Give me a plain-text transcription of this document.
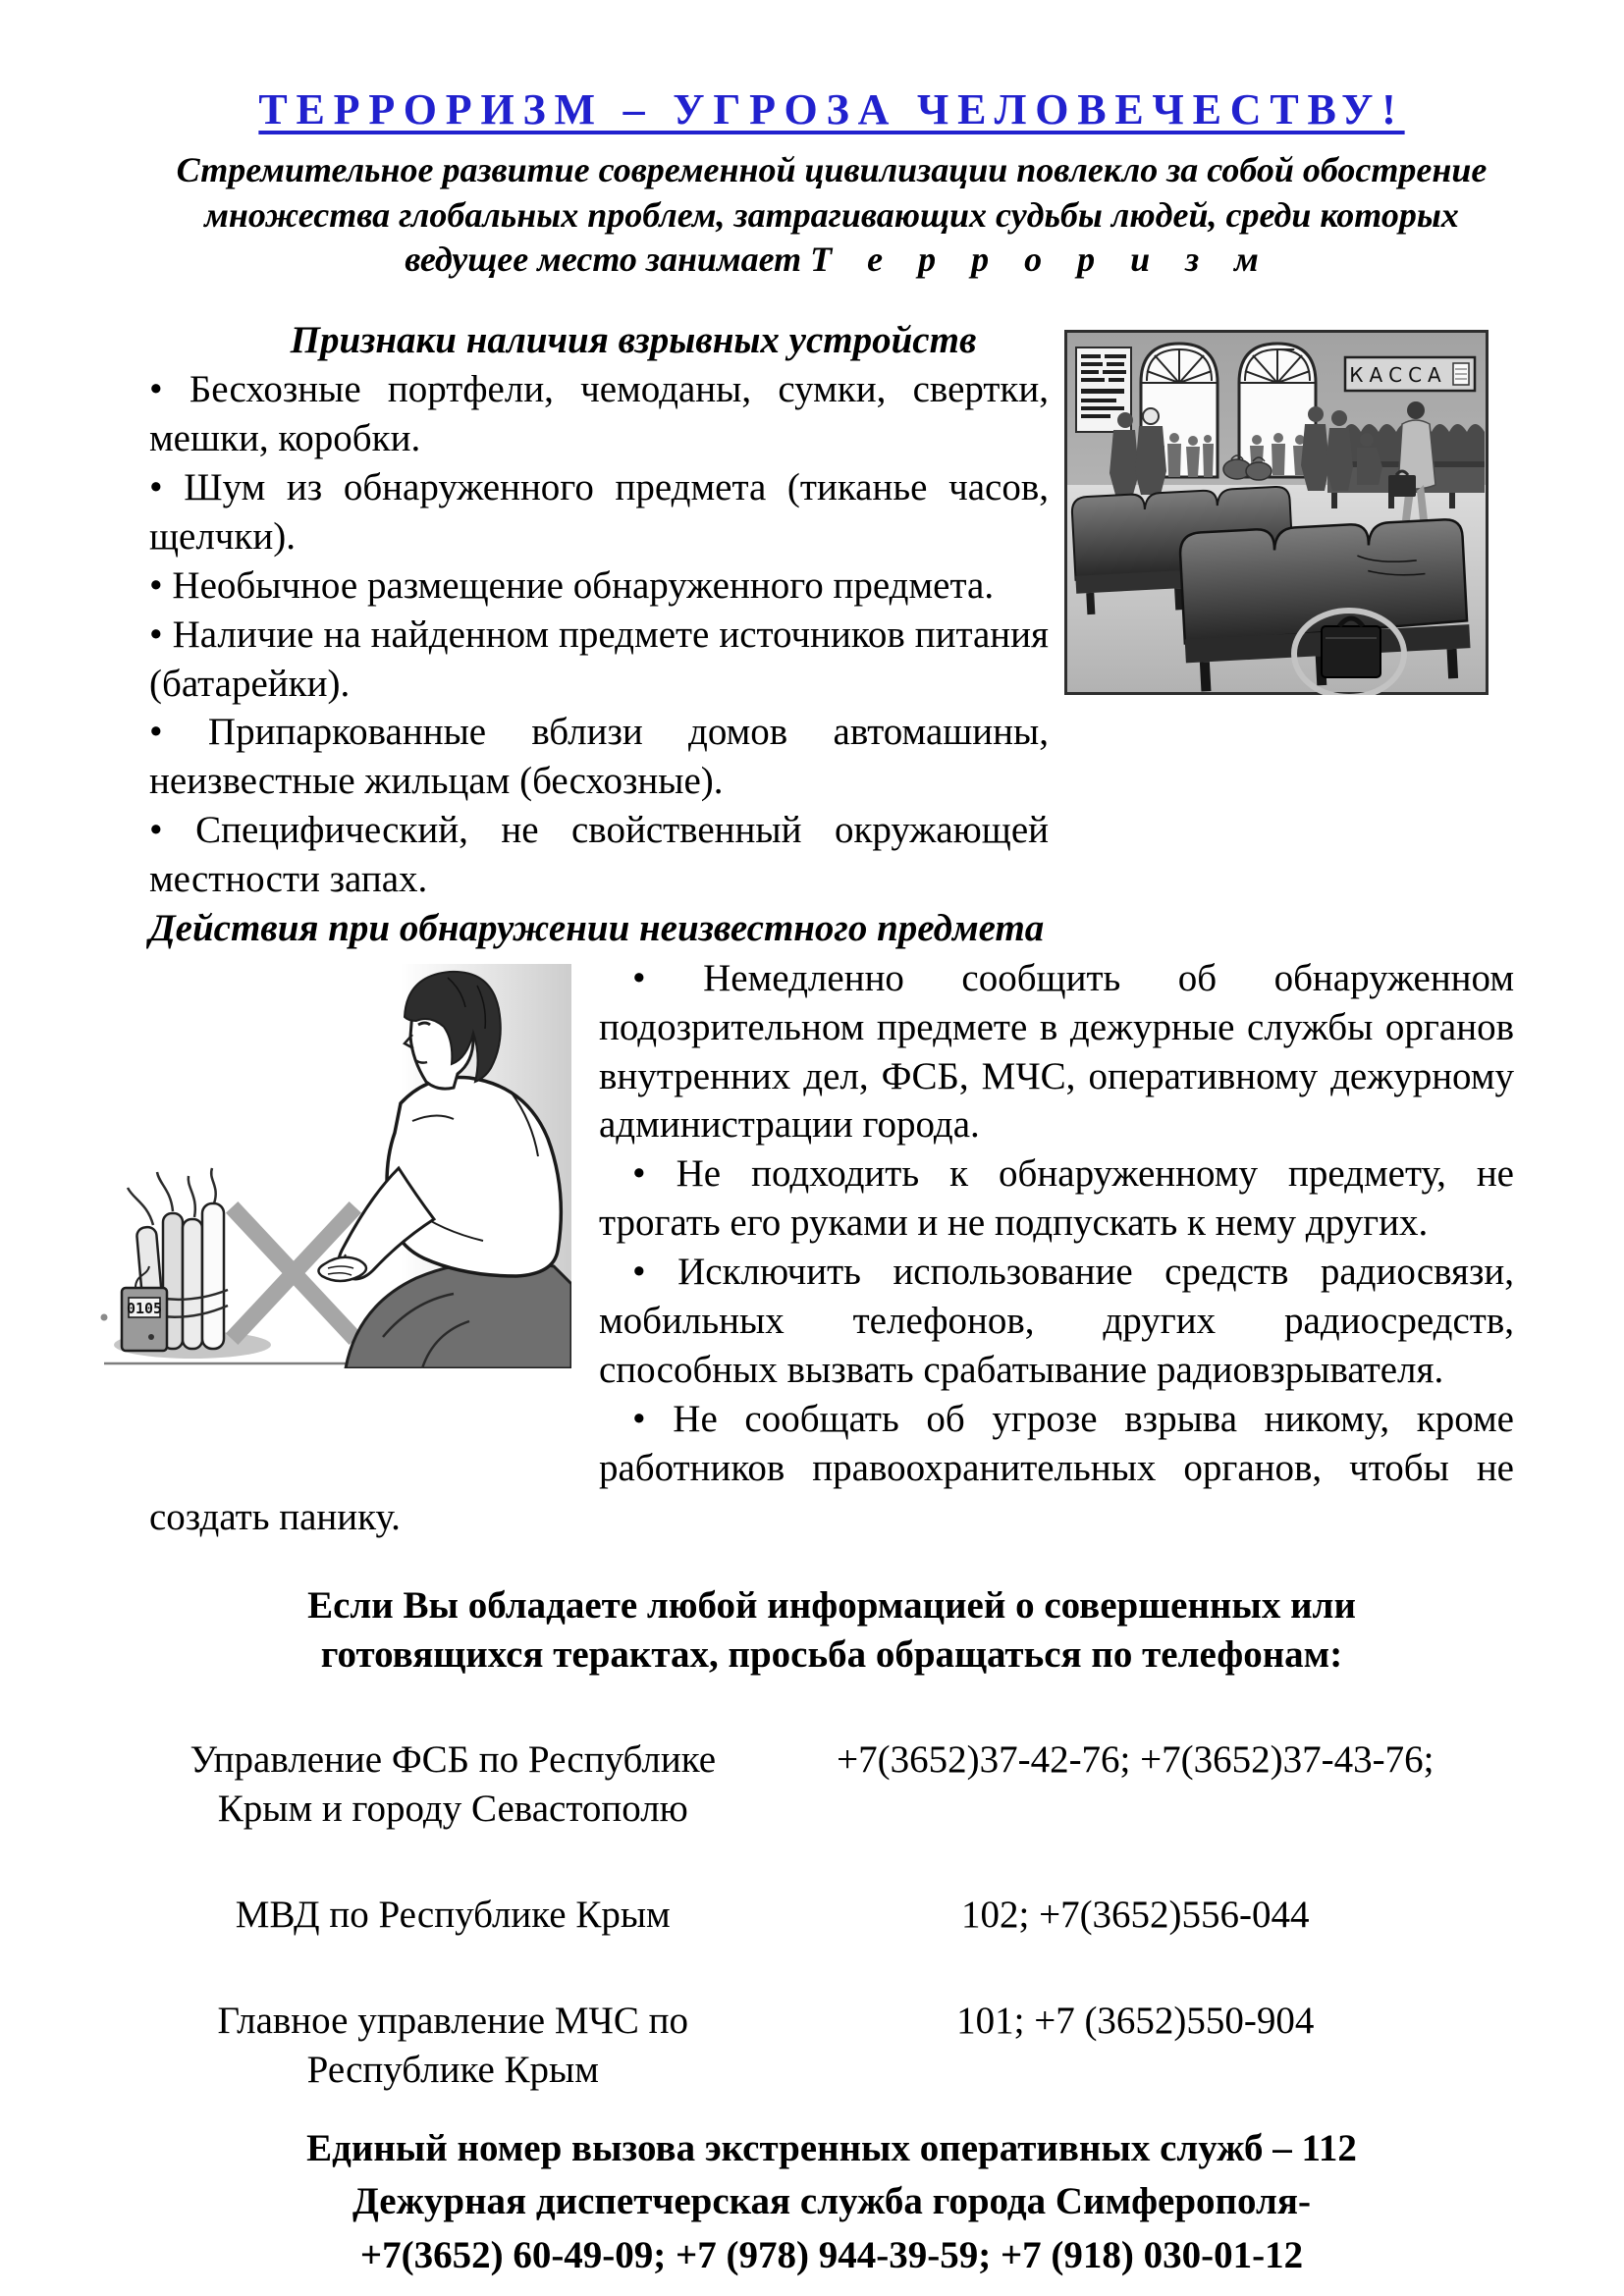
ТЕРРОРИЗМ – УГРОЗА ЧЕЛОВЕЧЕСТВУ!
Стремительное развитие современной цивилизации повлекло за собой обострение
множества глобальных проблем, затрагивающих судьбы людей, среди которых
ведущее место занимает Т  е  р  р  о  р  и  з  м
КАССА
Признаки наличия взрывных устройств

• Бесхозные портфели, чемоданы, сумки, свертки, мешки, коробки.

• Шум из обнаруженного предмета (тиканье часов, щелчки).

• Необычное размещение обнаруженного предмета.

• Наличие на найденном предмете источников питания (батарейки).

• Припаркованные вблизи домов автомашины, неизвестные жильцам (бесхозные).

• Специфический, не свойственный окружающей местности запах.

Действия при обнаружении неизвестного предмета
0105

• Немедленно сообщить об обнаруженном подозрительном предмете в дежурные службы органов внутренних дел, ФСБ, МЧС, оперативному дежурному администрации города.

• Не подходить к обнаруженному предмету, не трогать его руками и не подпускать к нему других.

• Исключить использование средств радиосвязи, мобильных телефонов, других радиосредств, способных вызвать срабатывание радиовзрывателя.

• Не сообщать об угрозе взрыва никому, кроме работников правоохранительных органов, чтобы не создать панику.

Если Вы обладаете любой информацией о совершенных или готовящихся терактах, просьба обращаться по телефонам:
Управление ФСБ по Республике Крым и городу Севастополю
+7(3652)37-42-76; +7(3652)37-43-76;
МВД по Республике Крым	102; +7(3652)556-044
Главное управление МЧС по Республике Крым
101; +7 (3652)550-904
Единый номер вызова экстренных оперативных служб – 112
Дежурная диспетчерская служба города Симферополя-
+7(3652) 60-49-09; +7 (978) 944-39-59; +7 (918) 030-01-12
